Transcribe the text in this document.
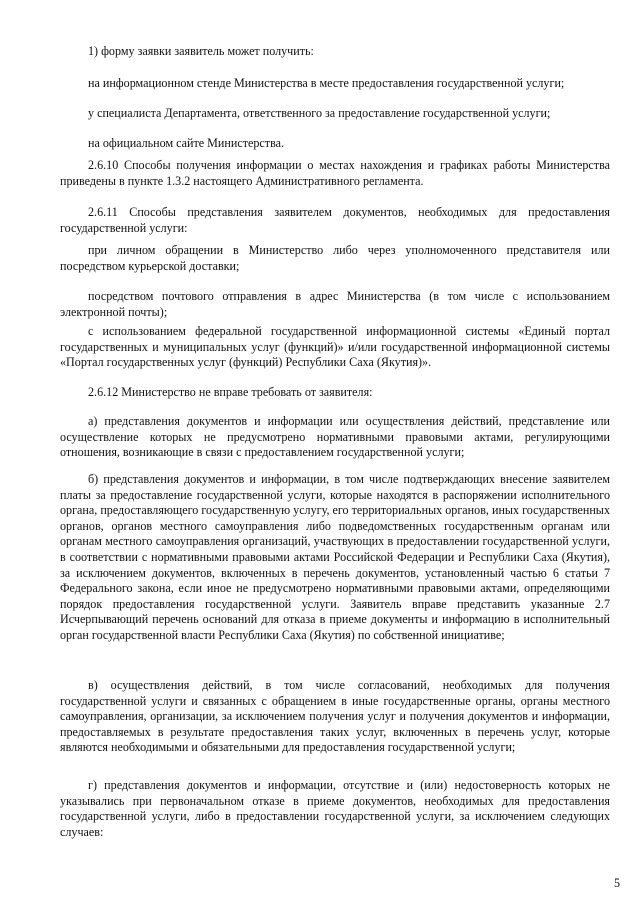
1) форму заявки заявитель может получить:

на информационном стенде Министерства в месте предоставления государственной услуги;

у специалиста Департамента, ответственного за предоставление государственной услуги;

на официальном сайте Министерства.

2.6.10 Способы получения информации о местах нахождения и графиках работы Министерства приведены в пункте 1.3.2 настоящего Административного регламента.

2.6.11 Способы представления заявителем документов, необходимых для предоставления государственной услуги:

при личном обращении в Министерство либо через уполномоченного представителя или посредством курьерской доставки;

посредством почтового отправления в адрес Министерства (в том числе с использованием электронной почты);

с использованием федеральной государственной информационной системы «Единый портал государственных и муниципальных услуг (функций)» и/или государственной информационной системы «Портал государственных услуг (функций) Республики Саха (Якутия)».

2.6.12 Министерство не вправе требовать от заявителя:

а) представления документов и информации или осуществления действий, представление или осуществление которых не предусмотрено нормативными правовыми актами, регулирующими отношения, возникающие в связи с предоставлением государственной услуги;

б) представления документов и информации, в том числе подтверждающих внесение заявителем платы за предоставление государственной услуги, которые находятся в распоряжении исполнительного органа, предоставляющего государственную услугу, его территориальных органов, иных государственных органов, органов местного самоуправления либо подведомственных государственным органам или органам местного самоуправления организаций, участвующих в предоставлении государственной услуги, в соответствии с нормативными правовыми актами Российской Федерации и Республики Саха (Якутия), за исключением документов, включенных в перечень документов, установленный частью 6 статьи 7 Федерального закона, если иное не предусмотрено нормативными правовыми актами, определяющими порядок предоставления государственной услуги. Заявитель вправе представить указанные 2.7 Исчерпывающий перечень оснований для отказа в приеме документы и информацию в исполнительный орган государственной власти Республики Саха (Якутия) по собственной инициативе;

в) осуществления действий, в том числе согласований, необходимых для получения государственной услуги и связанных с обращением в иные государственные органы, органы местного самоуправления, организации, за исключением получения услуг и получения документов и информации, предоставляемых в результате предоставления таких услуг, включенных в перечень услуг, которые являются необходимыми и обязательными для предоставления государственной услуги;

г) представления документов и информации, отсутствие и (или) недостоверность которых не указывались при первоначальном отказе в приеме документов, необходимых для предоставления государственной услуги, либо в предоставлении государственной услуги, за исключением следующих случаев:

5
